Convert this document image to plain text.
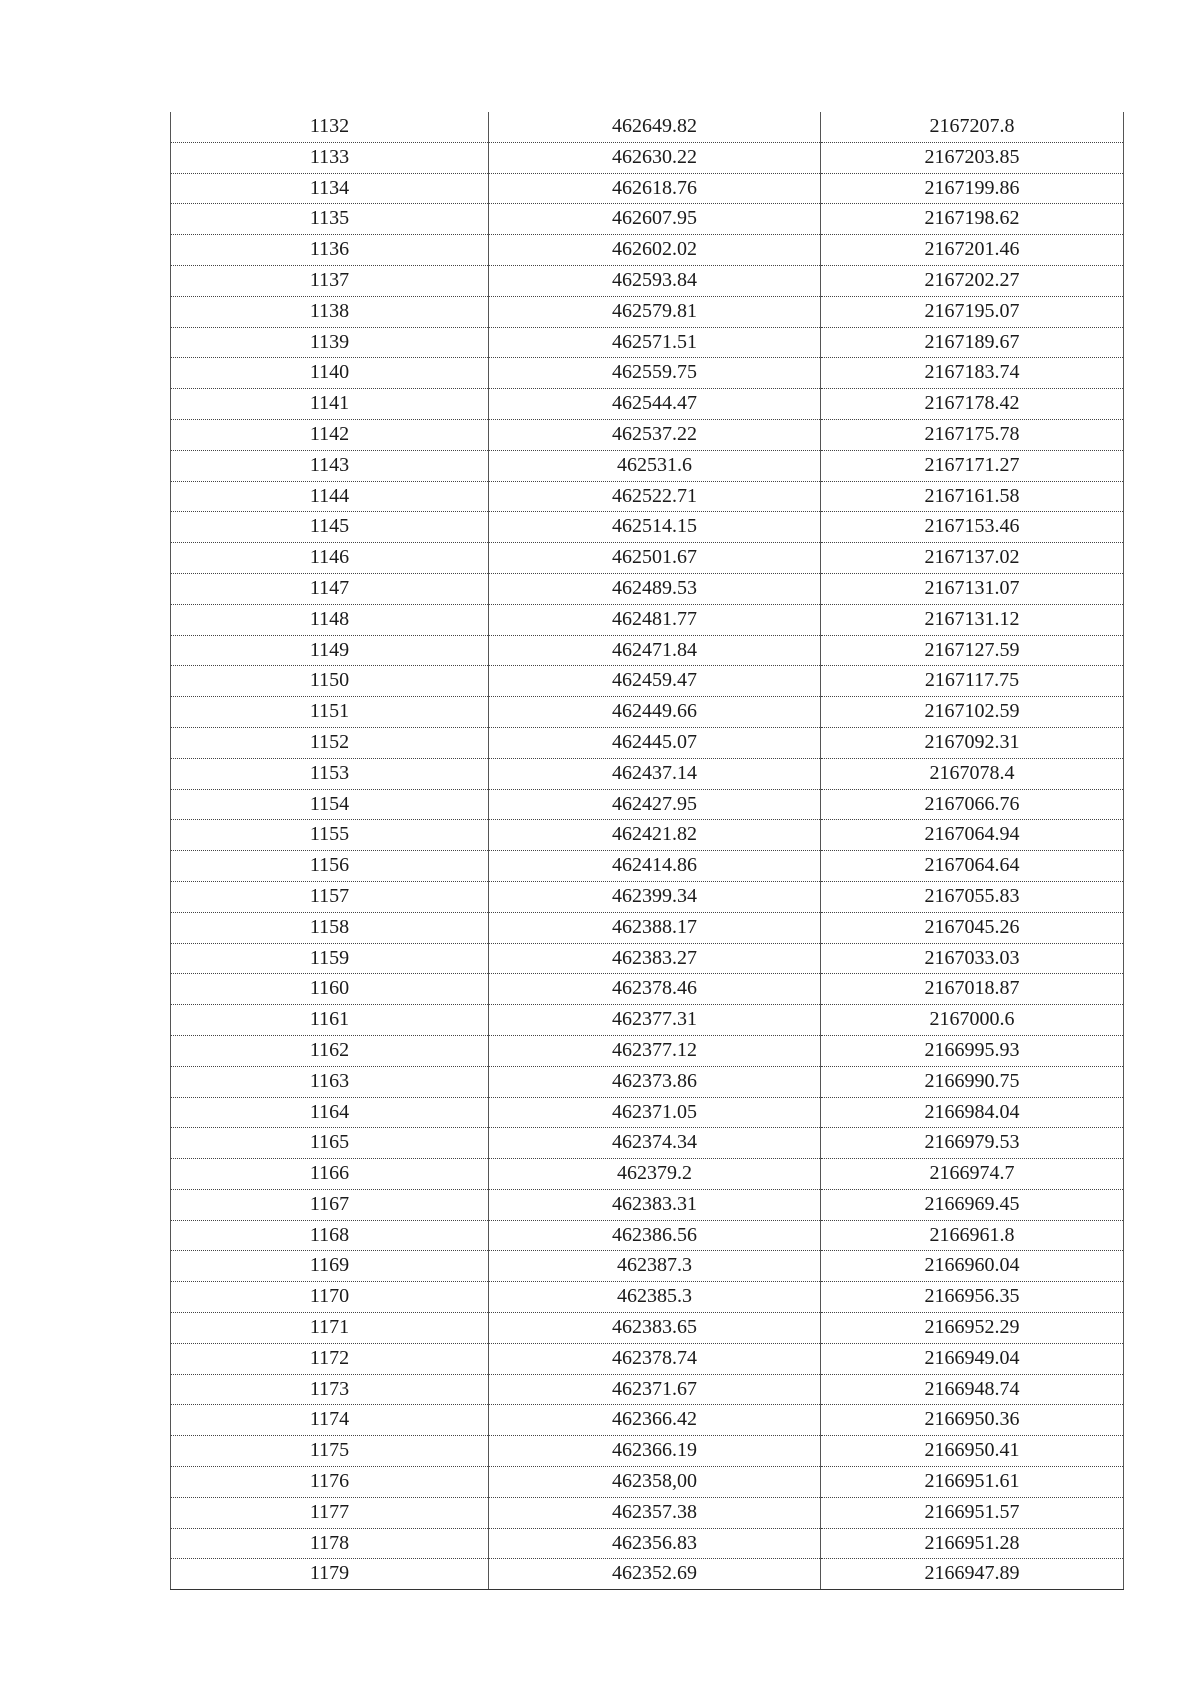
1132	462649.82	2167207.8
1133	462630.22	2167203.85
1134	462618.76	2167199.86
1135	462607.95	2167198.62
1136	462602.02	2167201.46
1137	462593.84	2167202.27
1138	462579.81	2167195.07
1139	462571.51	2167189.67
1140	462559.75	2167183.74
1141	462544.47	2167178.42
1142	462537.22	2167175.78
1143	462531.6	2167171.27
1144	462522.71	2167161.58
1145	462514.15	2167153.46
1146	462501.67	2167137.02
1147	462489.53	2167131.07
1148	462481.77	2167131.12
1149	462471.84	2167127.59
1150	462459.47	2167117.75
1151	462449.66	2167102.59
1152	462445.07	2167092.31
1153	462437.14	2167078.4
1154	462427.95	2167066.76
1155	462421.82	2167064.94
1156	462414.86	2167064.64
1157	462399.34	2167055.83
1158	462388.17	2167045.26
1159	462383.27	2167033.03
1160	462378.46	2167018.87
1161	462377.31	2167000.6
1162	462377.12	2166995.93
1163	462373.86	2166990.75
1164	462371.05	2166984.04
1165	462374.34	2166979.53
1166	462379.2	2166974.7
1167	462383.31	2166969.45
1168	462386.56	2166961.8
1169	462387.3	2166960.04
1170	462385.3	2166956.35
1171	462383.65	2166952.29
1172	462378.74	2166949.04
1173	462371.67	2166948.74
1174	462366.42	2166950.36
1175	462366.19	2166950.41
1176	462358,00	2166951.61
1177	462357.38	2166951.57
1178	462356.83	2166951.28
1179	462352.69	2166947.89
